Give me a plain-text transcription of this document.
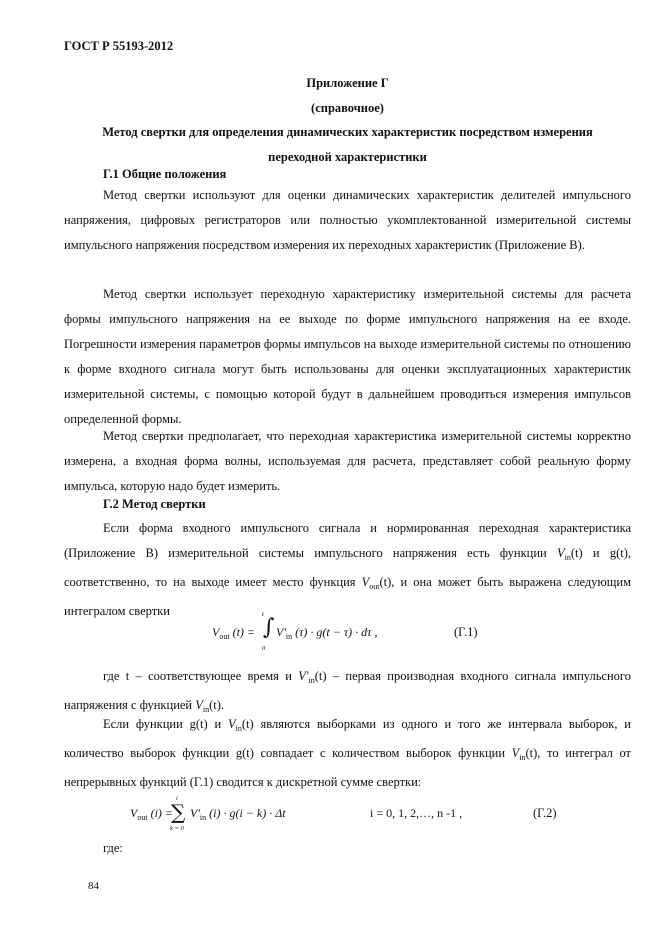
ГОСТ Р 55193-2012
Приложение Г
(справочное)
Метод свертки для определения динамических характеристик посредством измерения
переходной характеристики
Г.1 Общие положения

Метод свертки используют для оценки динамических характеристик делителей импульсного напряжения, цифровых регистраторов или полностью укомплектованной измерительной системы импульсного напряжения посредством измерения их переходных характеристик (Приложение В).

Метод свертки использует переходную характеристику измерительной системы для расчета формы импульсного напряжения на ее выходе по форме импульсного напряжения на ее входе. Погрешности измерения параметров формы импульсов на выходе измерительной системы по отношению к форме входного сигнала могут быть использованы для оценки эксплуатационных характеристик измерительной системы, с помощью которой будут в дальнейшем проводиться измерения импульсов определенной формы.

Метод свертки предполагает, что переходная характеристика измерительной системы корректно измерена, а входная форма волны, используемая для расчета, представляет собой реальную форму импульса, которую надо будет измерить.

Г.2 Метод свертки

Если форма входного импульсного сигнала и нормированная переходная характеристика (Приложение В) измерительной системы импульсного напряжения есть функции $V_{in}(t)$ и g(t), соответственно, то на выходе имеет место функция $V_{out}(t)$, и она может быть выражена следующим интегралом свертки

$V_{out}$ (t) = ∫
t
0
$V'_{in}$ (τ) · g(t − τ) · dτ ,	(Г.1)

где t – соответствующее время и $V'_{in}(t)$ – первая производная входного сигнала импульсного напряжения с функцией $V_{in}(t)$.

Если функции g(t) и $V_{in}(t)$ являются выборками из одного и того же интервала выборок, и количество выборок функции g(t) совпадает с количеством выборок функции $V_{in}(t)$, то интеграл от непрерывных функций (Г.1) сводится к дискретной сумме свертки:

$V_{out}$ (i) =
i
∑
k = 0
$V'_{in}$ (i) · g(i − k) · Δt	i = 0, 1, 2,…, n -1 ,	(Г.2)
где:
84
